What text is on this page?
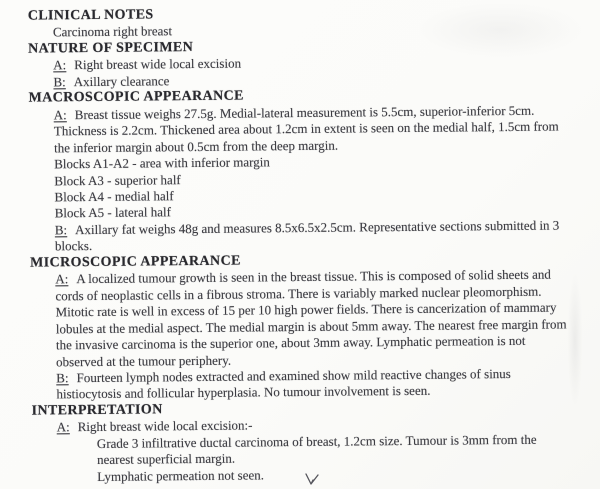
CLINICAL NOTES
Carcinoma right breast
NATURE OF SPECIMEN
A: Right breast wide local excision
B: Axillary clearance
MACROSCOPIC APPEARANCE

A: Breast tissue weighs 27.5g. Medial-lateral measurement is 5.5cm, superior-inferior 5cm. Thickness is 2.2cm. Thickened area about 1.2cm in extent is seen on the medial half, 1.5cm from the inferior margin about 0.5cm from the deep margin.

Blocks A1-A2 - area with inferior margin
Block A3 - superior half
Block A4 - medial half
Block A5 - lateral half

B: Axillary fat weighs 48g and measures 8.5x6.5x2.5cm. Representative sections submitted in 3 blocks.

MICROSCOPIC APPEARANCE

A: A localized tumour growth is seen in the breast tissue. This is composed of solid sheets and cords of neoplastic cells in a fibrous stroma. There is variably marked nuclear pleomorphism. Mitotic rate is well in excess of 15 per 10 high power fields. There is cancerization of mammary lobules at the medial aspect. The medial margin is about 5mm away. The nearest free margin from the invasive carcinoma is the superior one, about 3mm away. Lymphatic permeation is not observed at the tumour periphery.

B: Fourteen lymph nodes extracted and examined show mild reactive changes of sinus histiocytosis and follicular hyperplasia. No tumour involvement is seen.

INTERPRETATION
A: Right breast wide local excision:-

Grade 3 infiltrative ductal carcinoma of breast, 1.2cm size. Tumour is 3mm from the nearest superficial margin.

Lymphatic permeation not seen.
